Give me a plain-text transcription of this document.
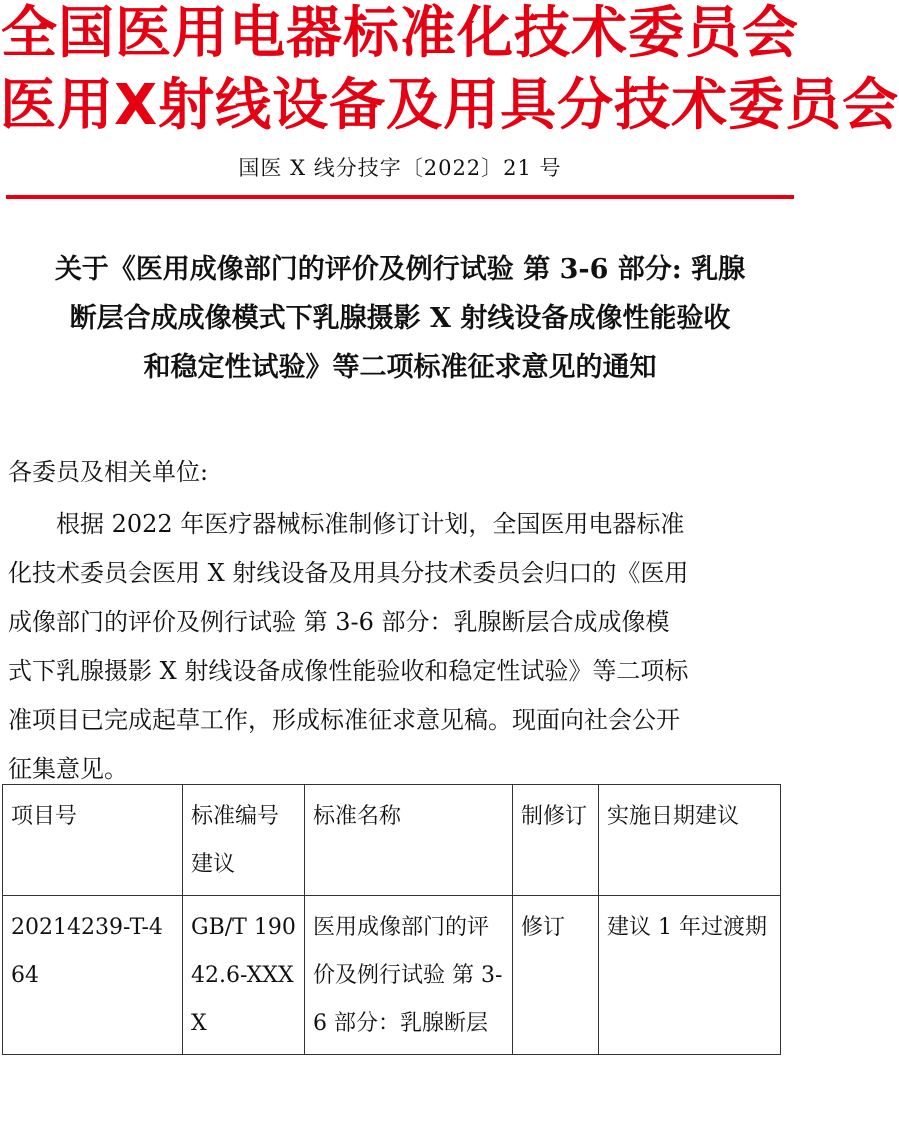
全国医用电器标准化技术委员会
医用X射线设备及用具分技术委员会
国医 X 线分技字〔2022〕21 号
关于《医用成像部门的评价及例行试验 第 3-6 部分: 乳腺
断层合成成像模式下乳腺摄影 X 射线设备成像性能验收
和稳定性试验》等二项标准征求意见的通知
各委员及相关单位:
　　根据 2022 年医疗器械标准制修订计划，全国医用电器标准
化技术委员会医用 X 射线设备及用具分技术委员会归口的《医用
成像部门的评价及例行试验 第 3-6 部分：乳腺断层合成成像模
式下乳腺摄影 X 射线设备成像性能验收和稳定性试验》等二项标
准项目已完成起草工作，形成标准征求意见稿。现面向社会公开
征集意见。
项目号	标准编号建议	标准名称	制修订	实施日期建议
20214239-T-464	GB/T 19042.6-XXXX	医用成像部门的评价及例行试验 第 3-6 部分：乳腺断层	修订	建议 1 年过渡期
